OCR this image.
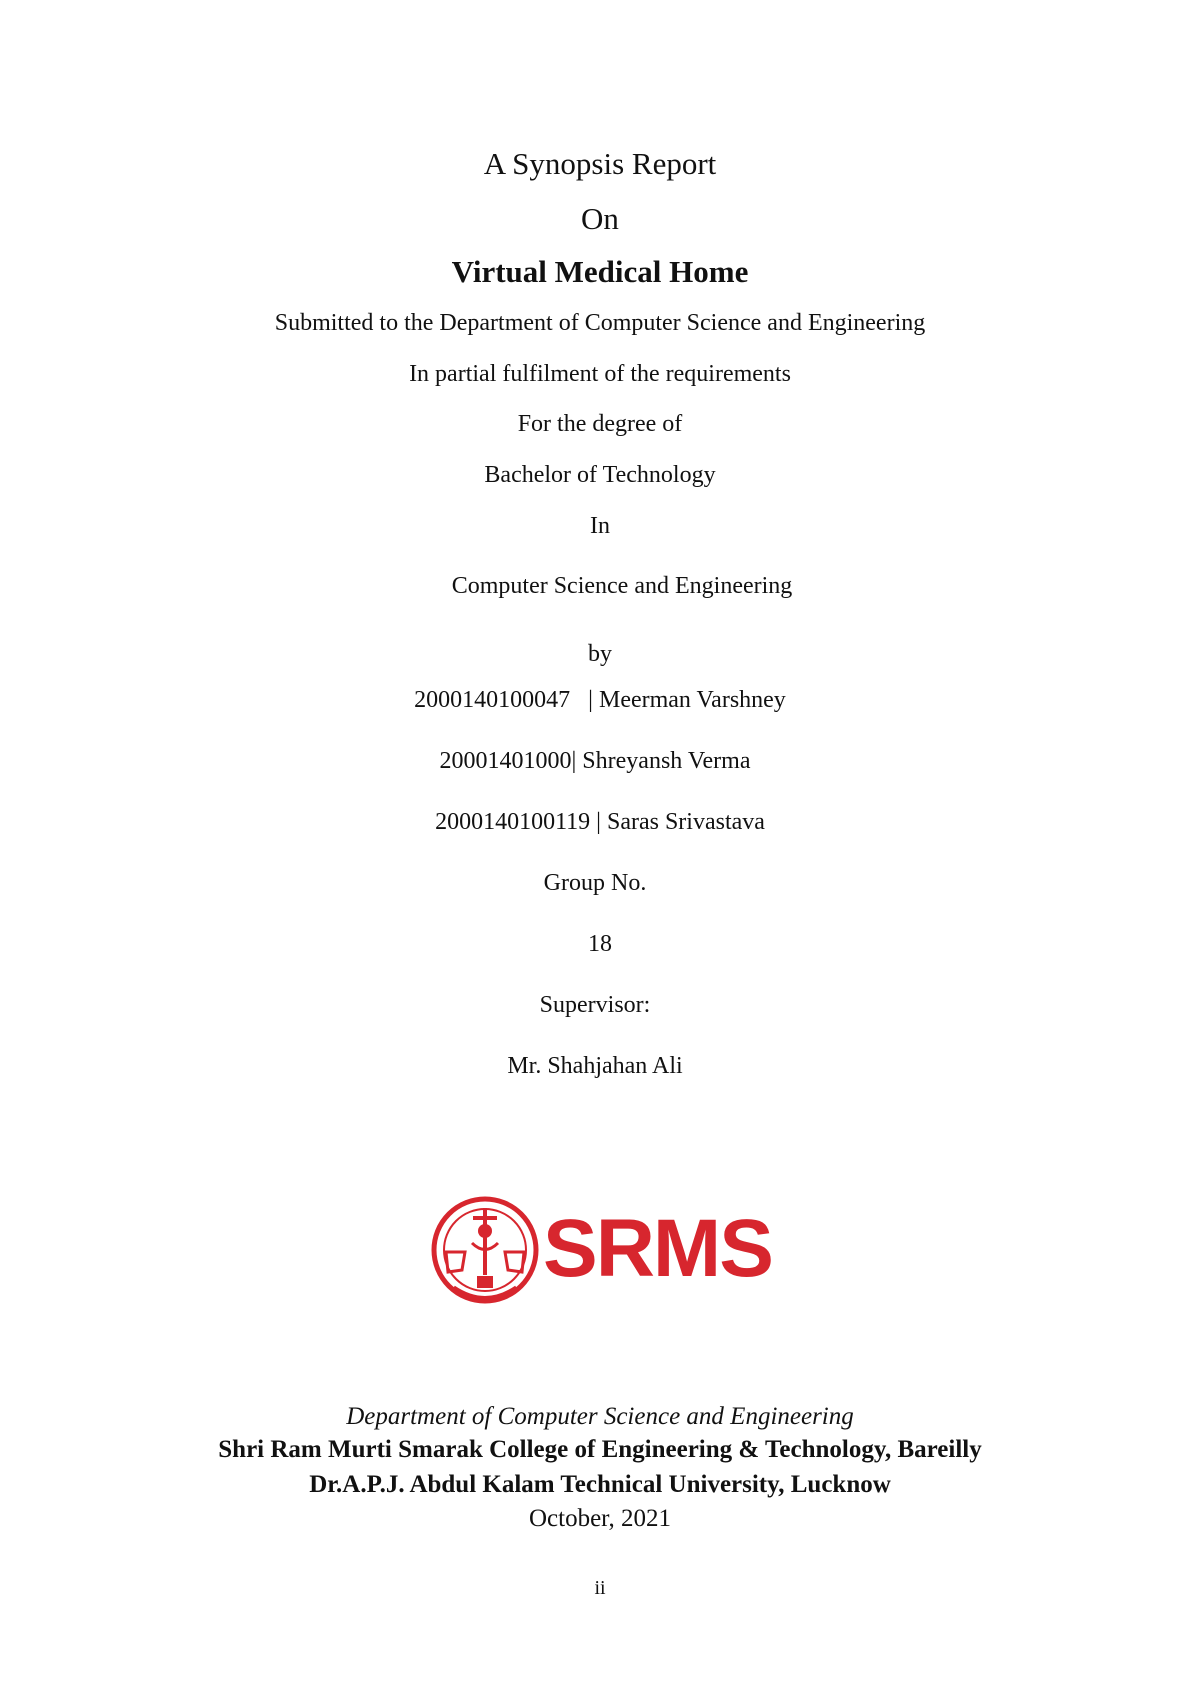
A Synopsis Report
On
Virtual Medical Home
Submitted to the Department of Computer Science and Engineering
In partial fulfilment of the requirements
For the degree of
Bachelor of Technology
In
Computer Science and Engineering
by
2000140100047   | Meerman Varshney
20001401000| Shreyansh Verma
2000140100119 | Saras Srivastava
Group No.
18
Supervisor:
Mr. Shahjahan Ali
SRMS
Department of Computer Science and Engineering
Shri Ram Murti Smarak College of Engineering & Technology, Bareilly
Dr.A.P.J. Abdul Kalam Technical University, Lucknow
October, 2021
ii
